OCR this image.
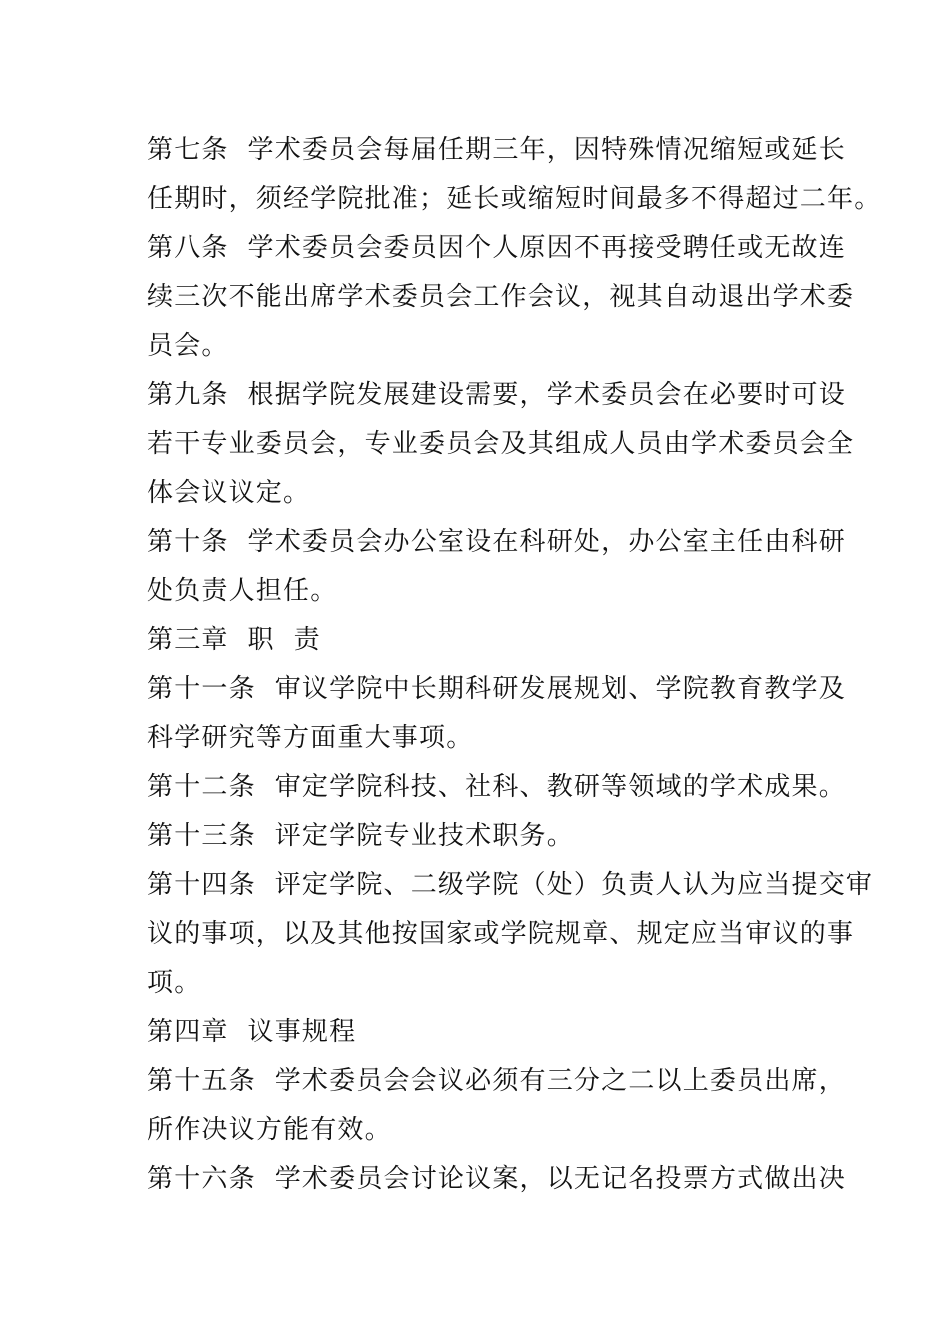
第七条  学术委员会每届任期三年，因特殊情况缩短或延长
任期时，须经学院批准；延长或缩短时间最多不得超过二年。
第八条  学术委员会委员因个人原因不再接受聘任或无故连
续三次不能出席学术委员会工作会议，视其自动退出学术委
员会。
第九条  根据学院发展建设需要，学术委员会在必要时可设
若干专业委员会，专业委员会及其组成人员由学术委员会全
体会议议定。
第十条  学术委员会办公室设在科研处，办公室主任由科研
处负责人担任。
第三章  职  责
第十一条  审议学院中长期科研发展规划、学院教育教学及
科学研究等方面重大事项。
第十二条  审定学院科技、社科、教研等领域的学术成果。
第十三条  评定学院专业技术职务。
第十四条  评定学院、二级学院（处）负责人认为应当提交审
议的事项，以及其他按国家或学院规章、规定应当审议的事
项。
第四章  议事规程
第十五条  学术委员会会议必须有三分之二以上委员出席，
所作决议方能有效。
第十六条  学术委员会讨论议案，以无记名投票方式做出决
